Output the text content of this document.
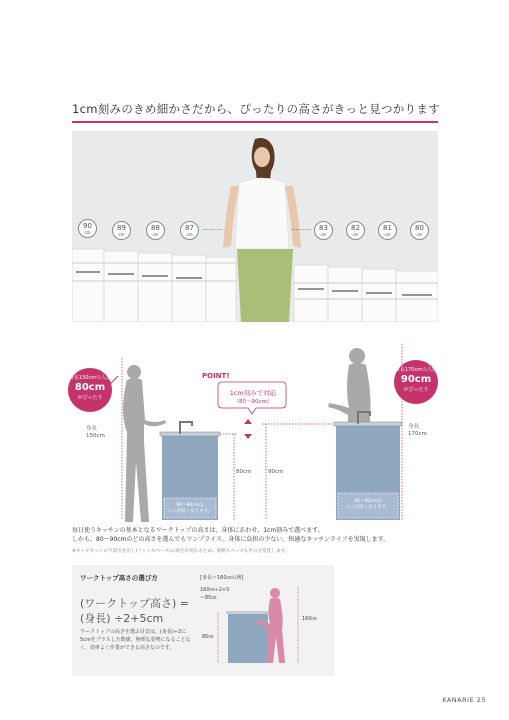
1cm刻みのきめ細かさだから、ぴったりの高さがきっと見つかります
90
cm
89
cm
88
cm
87
cm
………	………	83
cm
82
cm
81
cm
80
cm
身長150cmの人は
80cm
がぴったり
身長170cmの人は
90cm
がぴったり
身長
150cm
身長
170cm
POINT!
1cm刻みで対応
（80〜90cm）
80cm	90cm
80〜84cmは
ここが低くなります。
86〜90cmは
ここが高くなります。
毎日使うキッチンの基本となるワークトップの高さは、身体にあわせ、1cm刻みで選べます。
しかも、80〜90cmのどの高さを選んでもワンプライス。身体に負担の少ない、快適なキッチンライフを実現します。
※キャビネットの下段引き出し(フットスペース)の高さが変わるため、収納スペースもその分変化します。
ワークトップ高さの選び方
(ワークトップ高さ) =
(身長) ÷2+5cm
ワークトップの高さを選ぶ目安は、(身長)÷2に5cmをプラスした数値。無理な姿勢になることなく、効率よく作業ができる高さなのです。
[身長＝160㎝の例]
160㎝÷2+5
＝85㎝
85㎝
160㎝
KANARIE 25
